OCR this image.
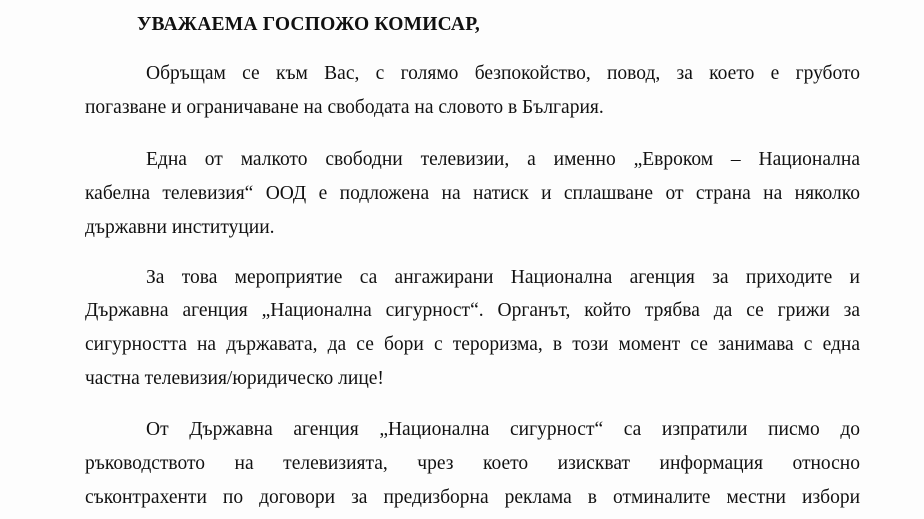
УВАЖАЕМА ГОСПОЖО КОМИСАР,
Обръщам се към Вас, с голямо безпокойство, повод, за което е грубото
погазване и ограничаване на свободата на словото в България.
Една от малкото свободни телевизии, а именно „Евроком – Национална
кабелна телевизия“ ООД е подложена на натиск и сплашване от страна на няколко
държавни институции.
За това мероприятие са ангажирани Национална агенция за приходите и
Държавна агенция „Национална сигурност“. Органът, който трябва да се грижи за
сигурността на държавата, да се бори с тероризма, в този момент се занимава с една
частна телевизия/юридическо лице!
От Държавна агенция „Национална сигурност“ са изпратили писмо до
ръководството на телевизията, чрез което изискват информация относно
съконтрахенти по договори за предизборна реклама в отминалите местни избори
